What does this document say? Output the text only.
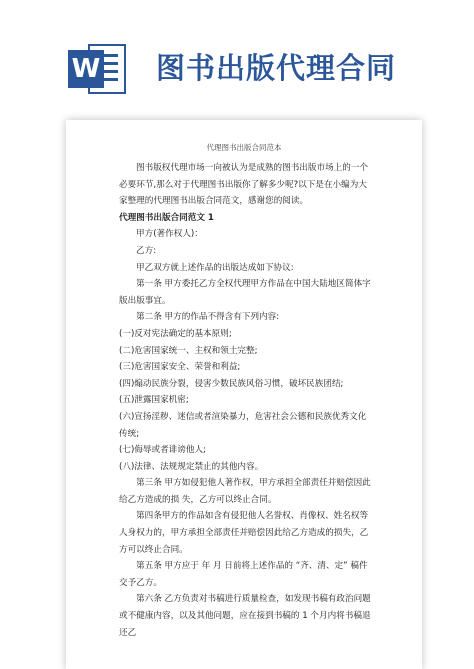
W 图书出版代理合同
代理图书出版合同范本

图书版权代理市场一向被认为是成熟的图书出版市场上的一个必要环节,那么对于代理图书出版你了解多少呢?以下是在小编为大家整理的代理图书出版合同范文，感谢您的阅读。

代理图书出版合同范文 1

甲方(著作权人)：

乙方:

甲乙双方就上述作品的出版达成如下协议:

第一条 甲方委托乙方全权代理甲方作品在中国大陆地区简体字版出版事宜。

第二条 甲方的作品不得含有下列内容:

(一)反对宪法确定的基本原则;

(二)危害国家统一、主权和领土完整;

(三)危害国家安全、荣誉和利益;

(四)煽动民族分裂，侵害少数民族风俗习惯，破坏民族团结;

(五)泄露国家机密;

(六)宣扬淫秽、迷信或者渲染暴力，危害社会公德和民族优秀文化传统;

(七)侮辱或者诽谤他人;

(八)法律、法规规定禁止的其他内容。

第三条 甲方如侵犯他人著作权，甲方承担全部责任并赔偿因此给乙方造成的损 失，乙方可以终止合同。

第四条甲方的作品如含有侵犯他人名誉权、肖像权、姓名权等人身权力的，甲方承担全部责任并赔偿因此给乙方造成的损失，乙方可以终止合同。

第五条 甲方应于 年 月 日前将上述作品的 “齐、清、定” 稿件交予乙方。

第六条 乙方负责对书稿进行质量检查，如发现书稿有政治问题或不健康内容，以及其他问题，应在接到书稿的 1 个月内将书稿退还乙
